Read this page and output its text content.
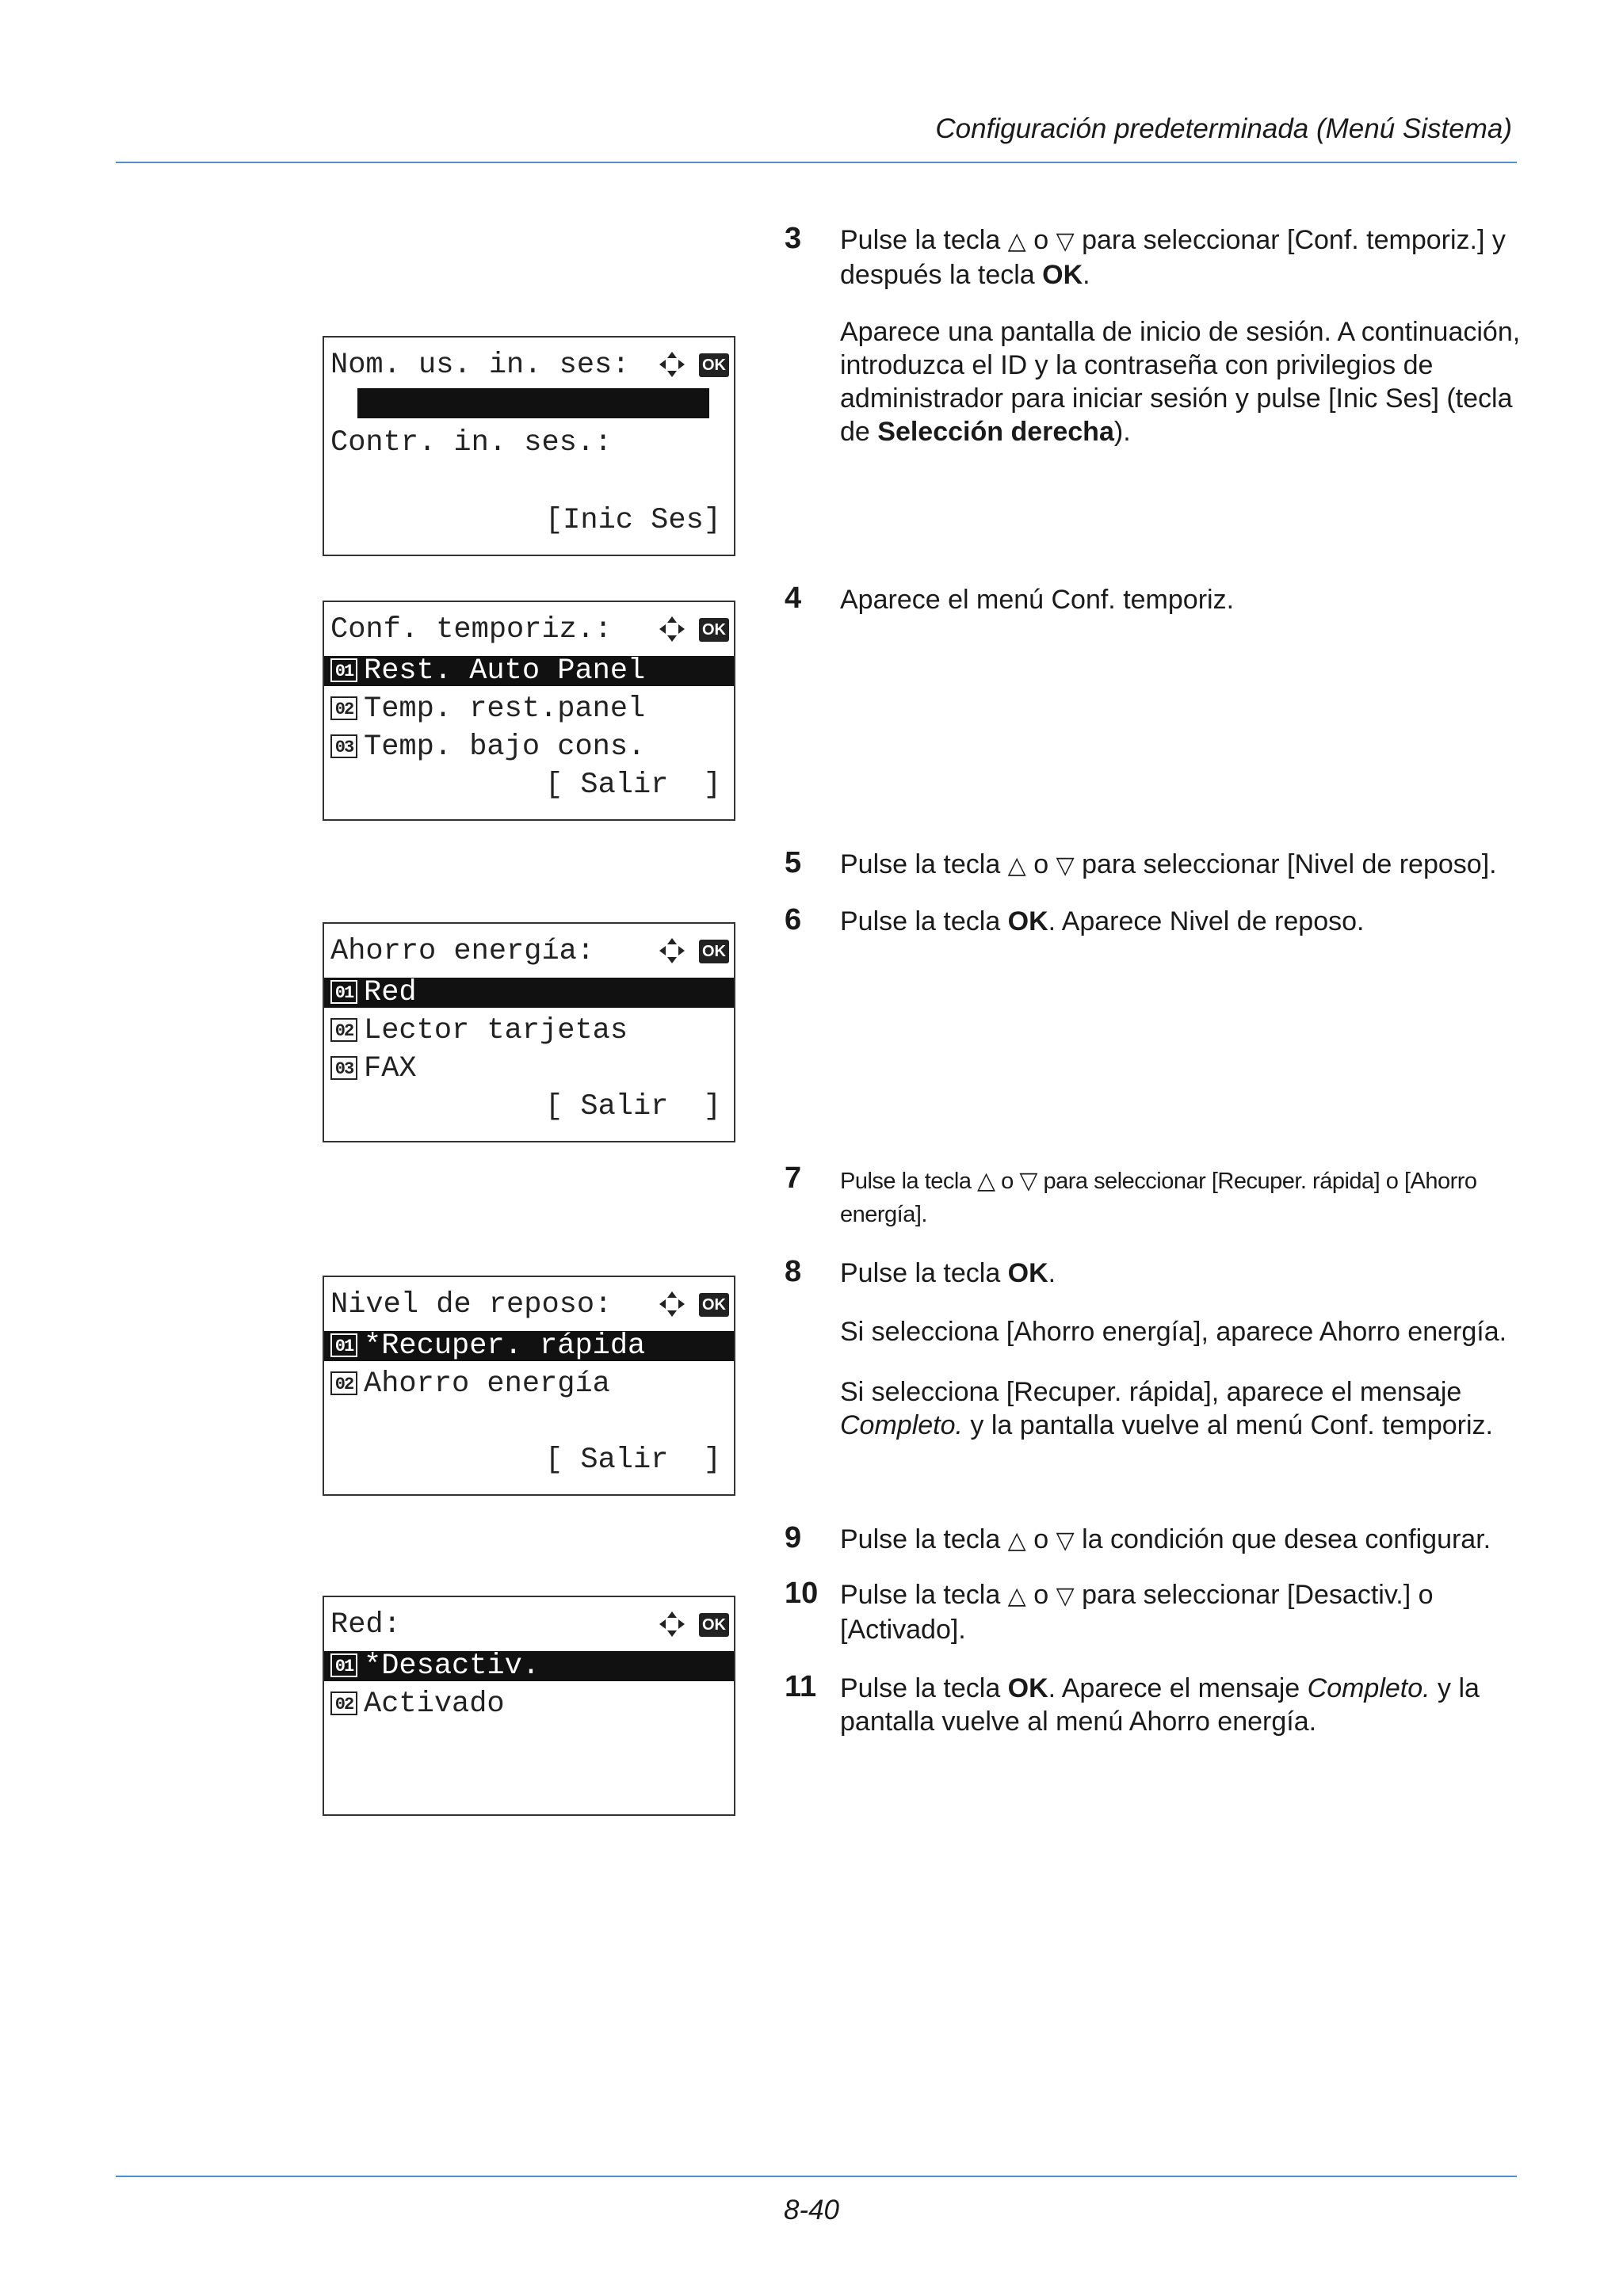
Configuración predeterminada (Menú Sistema)
Nom. us. in. ses:	OK
Contr. in. ses.:
[Inic Ses]
Conf. temporiz.:	OK
01 Rest. Auto Panel
02 Temp. rest.panel
03 Temp. bajo cons.
[ Salir  ]
Ahorro energía:	OK
01 Red
02 Lector tarjetas
03 FAX
[ Salir  ]
Nivel de reposo:	OK
01 *Recuper. rápida
02 Ahorro energía
[ Salir  ]
Red:	OK
01 *Desactiv.
02 Activado
3 Pulse la tecla △ o ▽ para seleccionar [Conf. temporiz.] y después la tecla OK.
Aparece una pantalla de inicio de sesión. A continuación, introduzca el ID y la contraseña con privilegios de administrador para iniciar sesión y pulse [Inic Ses] (tecla de Selección derecha).
4 Aparece el menú Conf. temporiz.
5 Pulse la tecla △ o ▽ para seleccionar [Nivel de reposo].
6 Pulse la tecla OK. Aparece Nivel de reposo.
7 Pulse la tecla △ o ▽ para seleccionar [Recuper. rápida] o [Ahorro energía].
8 Pulse la tecla OK.
Si selecciona [Ahorro energía], aparece Ahorro energía.
Si selecciona [Recuper. rápida], aparece el mensaje Completo. y la pantalla vuelve al menú Conf. temporiz.
9 Pulse la tecla △ o ▽ la condición que desea configurar.
10 Pulse la tecla △ o ▽ para seleccionar [Desactiv.] o [Activado].
11 Pulse la tecla OK. Aparece el mensaje Completo. y la pantalla vuelve al menú Ahorro energía.
8-40
